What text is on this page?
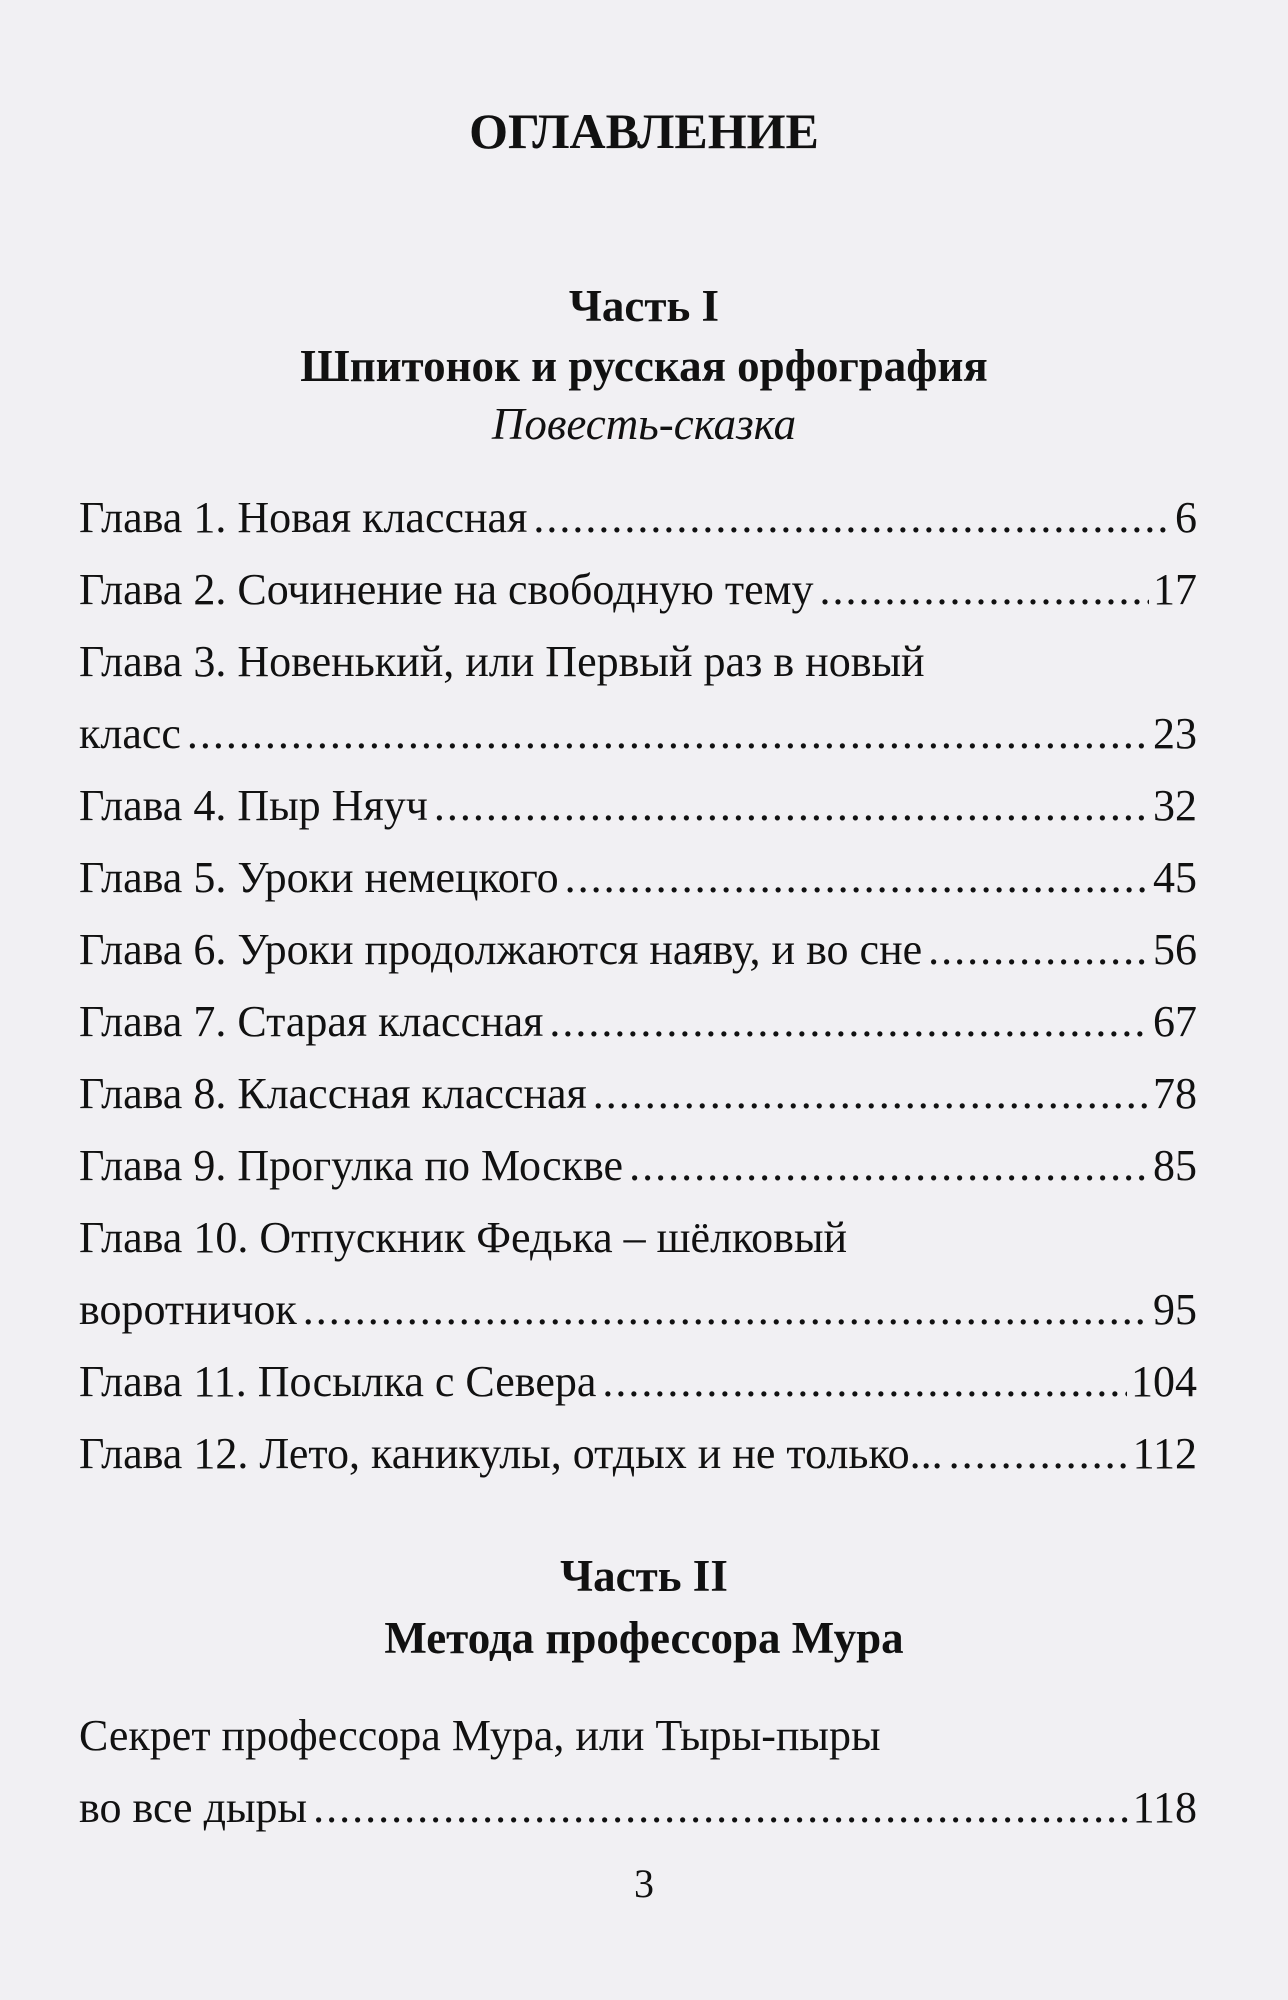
ОГЛАВЛЕНИЕ
Часть I
Шпитонок и русская орфография
Повесть-сказка
Глава 1. Новая классная .....	6
Глава 2. Сочинение на свободную тему .....	17
Глава 3. Новенький, или Первый раз в новый
класс .....	23
Глава 4. Пыр Няуч .....	32
Глава 5. Уроки немецкого .....	45
Глава 6. Уроки продолжаются наяву, и во сне .....	56
Глава 7. Старая классная .....	67
Глава 8. Классная классная .....	78
Глава 9. Прогулка по Москве .....	85
Глава 10. Отпускник Федька – шёлковый
воротничок .....	95
Глава 11. Посылка с Севера .....	104
Глава 12. Лето, каникулы, отдых и не только... .....	112
Часть II
Метода профессора Мура
Секрет профессора Мура, или Тыры-пыры
во все дыры .....	118
3
